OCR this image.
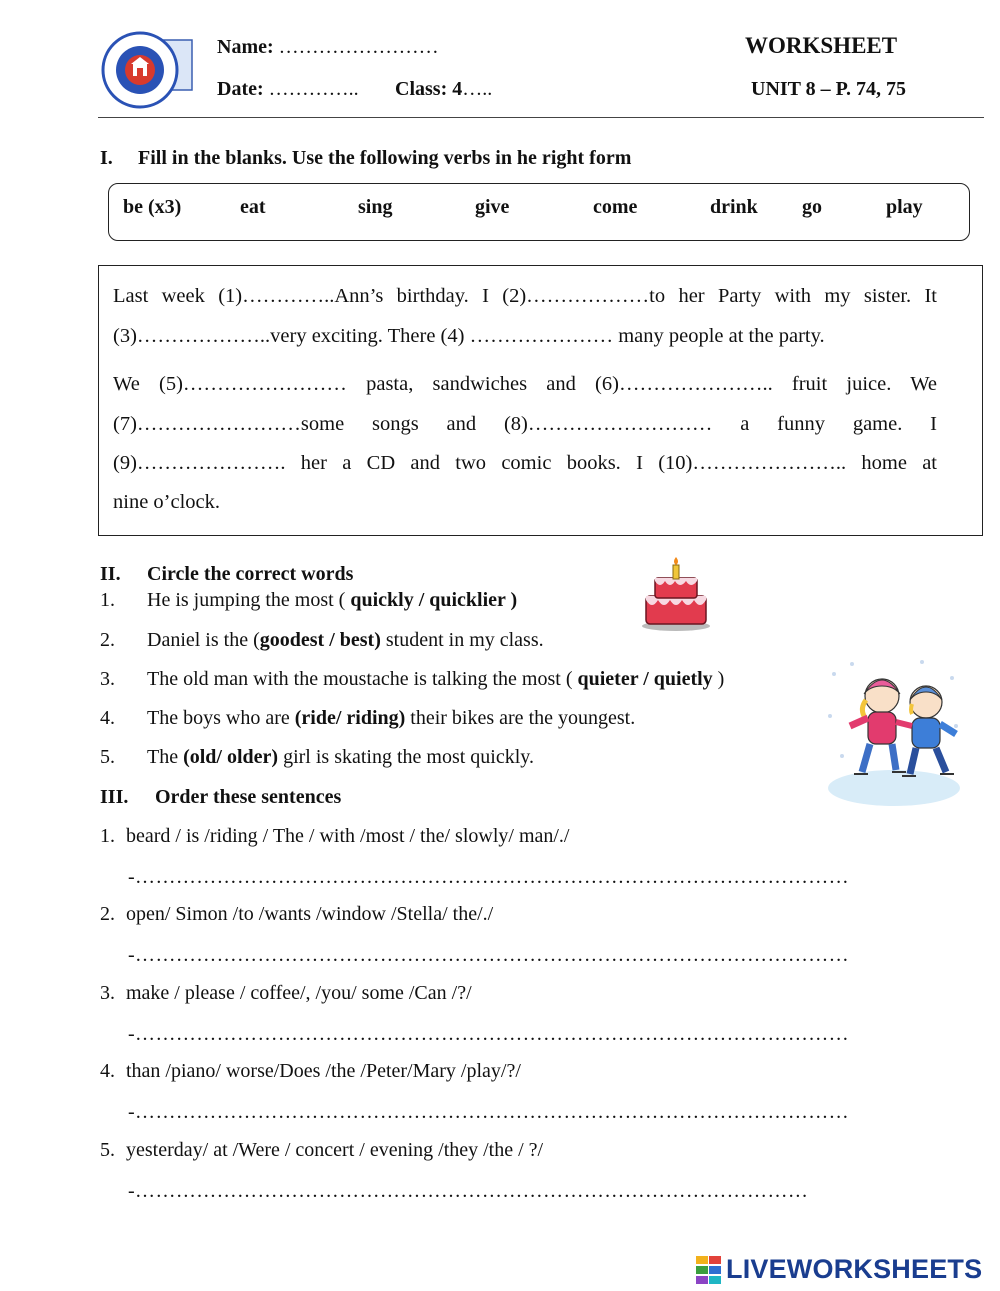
Name: ……………………
Date: ………….. Class: 4…..
WORKSHEET
UNIT 8 – P. 74, 75
I. Fill in the blanks. Use the following verbs in he right form
be (x3)	eat	sing	give	come	drink go	play
Last week (1)…………..Ann’s birthday. I (2)………………to her Party with my sister. It
(3)………………..very exciting. There (4) ………………… many people at the party.
We (5)…………………… pasta, sandwiches and (6)………………….. fruit juice. We
(7)……………………some songs and (8)……………………… a funny game. I
(9)…………………. her a CD and two comic books. I (10)………………….. home at
nine o’clock.
II. Circle the correct words
1. He is jumping the most ( quickly / quicklier )
2. Daniel is the (goodest / best) student in my class.
3. The old man with the moustache is talking the most ( quieter / quietly )
4. The boys who are (ride/ riding) their bikes are the youngest.
5. The (old/ older) girl is skating the most quickly.
III. Order these sentences
1. beard / is /riding / The / with /most / the/ slowly/ man/./
-……………………………………………………………………………………………
2. open/ Simon /to /wants /window /Stella/ the/./
-……………………………………………………………………………………………
3. make / please / coffee/, /you/ some /Can /?/
-……………………………………………………………………………………………
4. than /piano/ worse/Does /the /Peter/Mary /play/?/
-……………………………………………………………………………………………
5. yesterday/ at /Were / concert / evening /they /the / ?/
-………………………………………………………………………………………
LIVEWORKSHEETS
